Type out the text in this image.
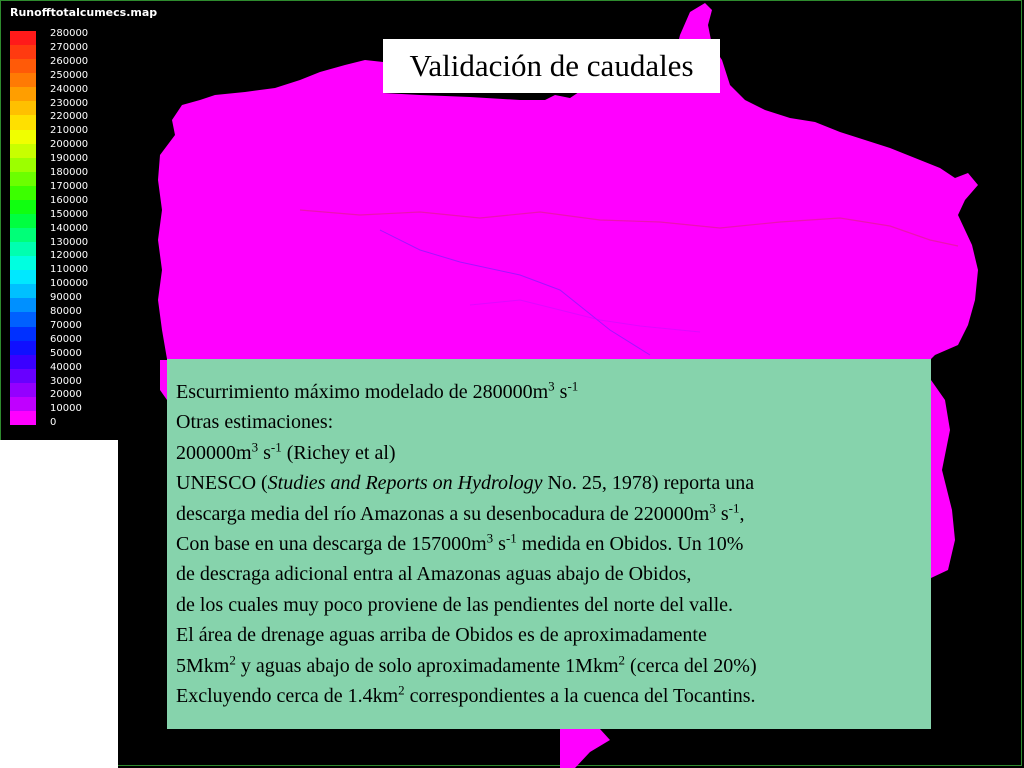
Runofftotalcumecs.map
280000
270000
260000
250000
240000
230000
220000
210000
200000
190000
180000
170000
160000
150000
140000
130000
120000
110000
100000
90000
80000
70000
60000
50000
40000
30000
20000
10000
0
Validación de caudales
Escurrimiento máximo modelado de $280000m^3$ $s^{-1}$
Otras estimaciones:
$200000m^3$ $s^{-1}$ (Richey et al)
UNESCO (Studies and Reports on Hydrology No. 25, 1978) reporta una
descarga media del río Amazonas a su desenbocadura de $220000m^3$ $s^{-1}$,
Con base en una descarga de $157000m^3$ $s^{-1}$ medida en Obidos. Un 10%
de descraga adicional entra al Amazonas aguas abajo de Obidos,
de los cuales muy poco proviene de las pendientes del norte del valle.
El área de drenage aguas arriba de Obidos es de aproximadamente
5Mkm$^2$ y aguas abajo de solo aproximadamente 1Mkm$^2$ (cerca del 20%)
Excluyendo cerca de $1.4km^2$ correspondientes a la cuenca del Tocantins.
